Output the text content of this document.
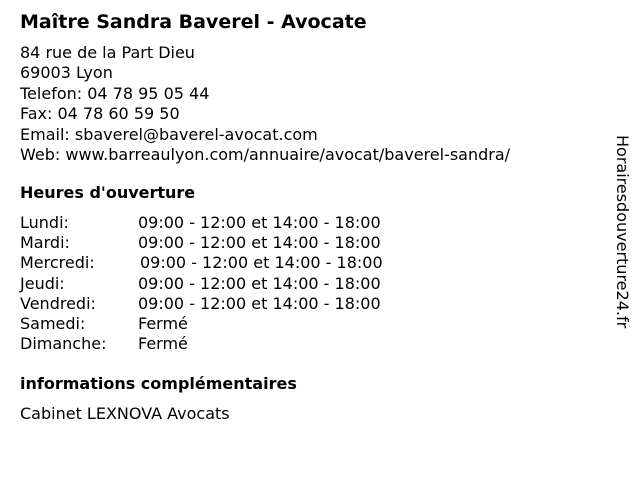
Maître Sandra Baverel - Avocate
84 rue de la Part Dieu
69003 Lyon
Telefon: 04 78 95 05 44
Fax: 04 78 60 59 50
Email: sbaverel@baverel-avocat.com
Web: www.barreaulyon.com/annuaire/avocat/baverel-sandra/
Heures d'ouverture
Lundi:	09:00 - 12:00 et 14:00 - 18:00
Mardi:	09:00 - 12:00 et 14:00 - 18:00
Mercredi:	09:00 - 12:00 et 14:00 - 18:00
Jeudi:	09:00 - 12:00 et 14:00 - 18:00
Vendredi:	09:00 - 12:00 et 14:00 - 18:00
Samedi:	Fermé
Dimanche: Fermé
informations complémentaires
Cabinet LEXNOVA Avocats
Horairesdouverture24.fr
